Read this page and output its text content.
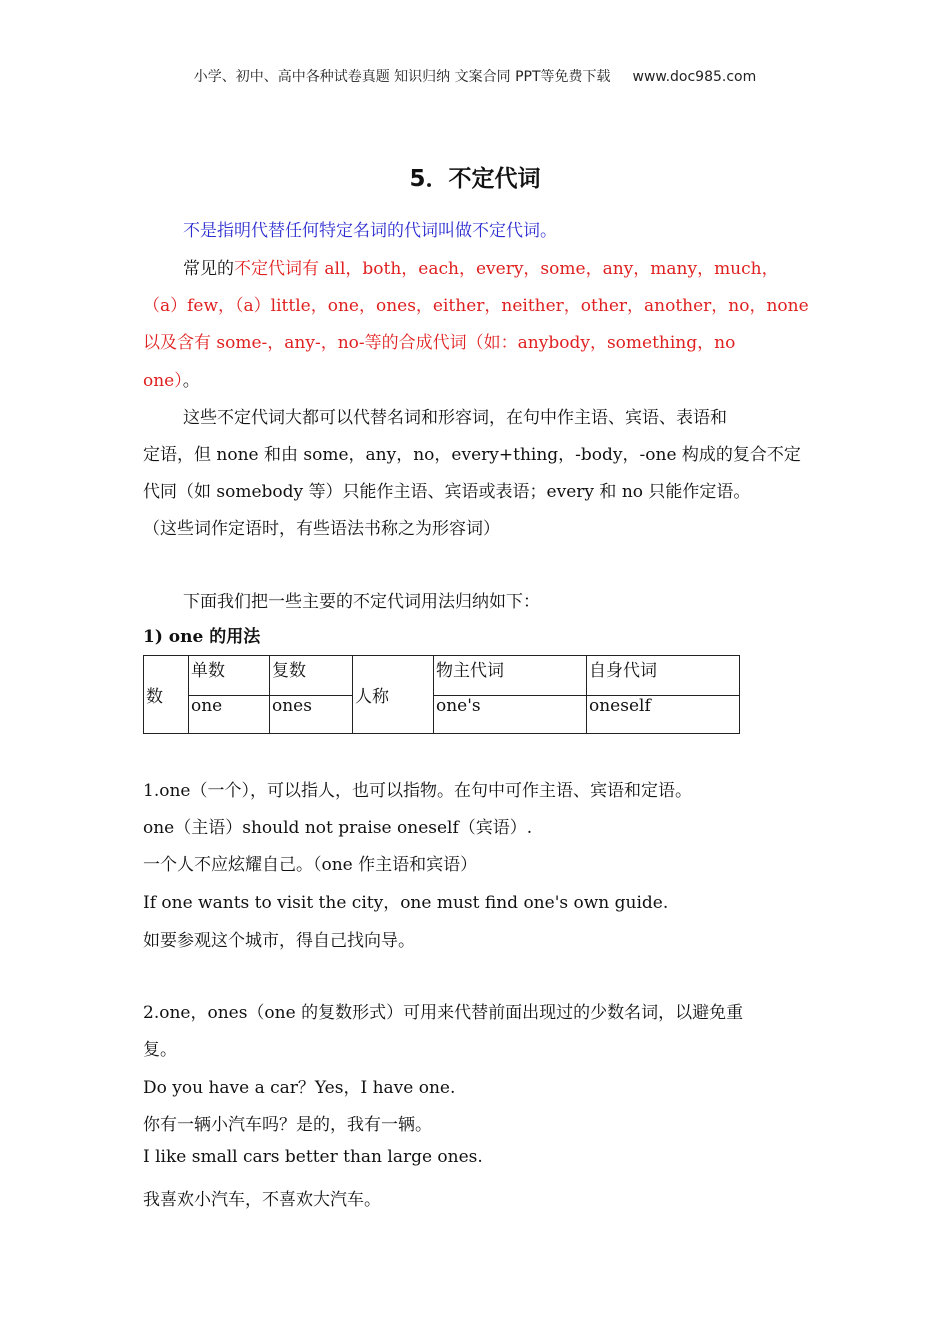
小学、初中、高中各种试卷真题 知识归纳 文案合同 PPT等免费下载 www.doc985.com
5．不定代词
不是指明代替任何特定名词的代词叫做不定代词。
常见的不定代词有 all，both，each，every，some，any，many，much，
（a）few，（a）little，one，ones，either，neither，other，another，no，none
以及含有 some-，any-，no-等的合成代词（如：anybody，something，no
one）。
这些不定代词大都可以代替名词和形容词，在句中作主语、宾语、表语和
定语，但 none 和由 some，any，no，every+thing，-body，-one 构成的复合不定
代同（如 somebody 等）只能作主语、宾语或表语；every 和 no 只能作定语。
（这些词作定语时，有些语法书称之为形容词）
下面我们把一些主要的不定代词用法归纳如下：
1) one 的用法
数	单数	复数	人称	物主代词	自身代词
	one	ones		one's	oneself
1.one（一个），可以指人，也可以指物。在句中可作主语、宾语和定语。
one（主语）should not praise oneself（宾语）.
一个人不应炫耀自己。（one 作主语和宾语）
If one wants to visit the city，one must find one's own guide.
如要参观这个城市，得自己找向导。
2.one，ones（one 的复数形式）可用来代替前面出现过的少数名词，以避免重
复。
Do you have a car？Yes，I have one.
你有一辆小汽车吗？是的，我有一辆。
I like small cars better than large ones.
我喜欢小汽车，不喜欢大汽车。
